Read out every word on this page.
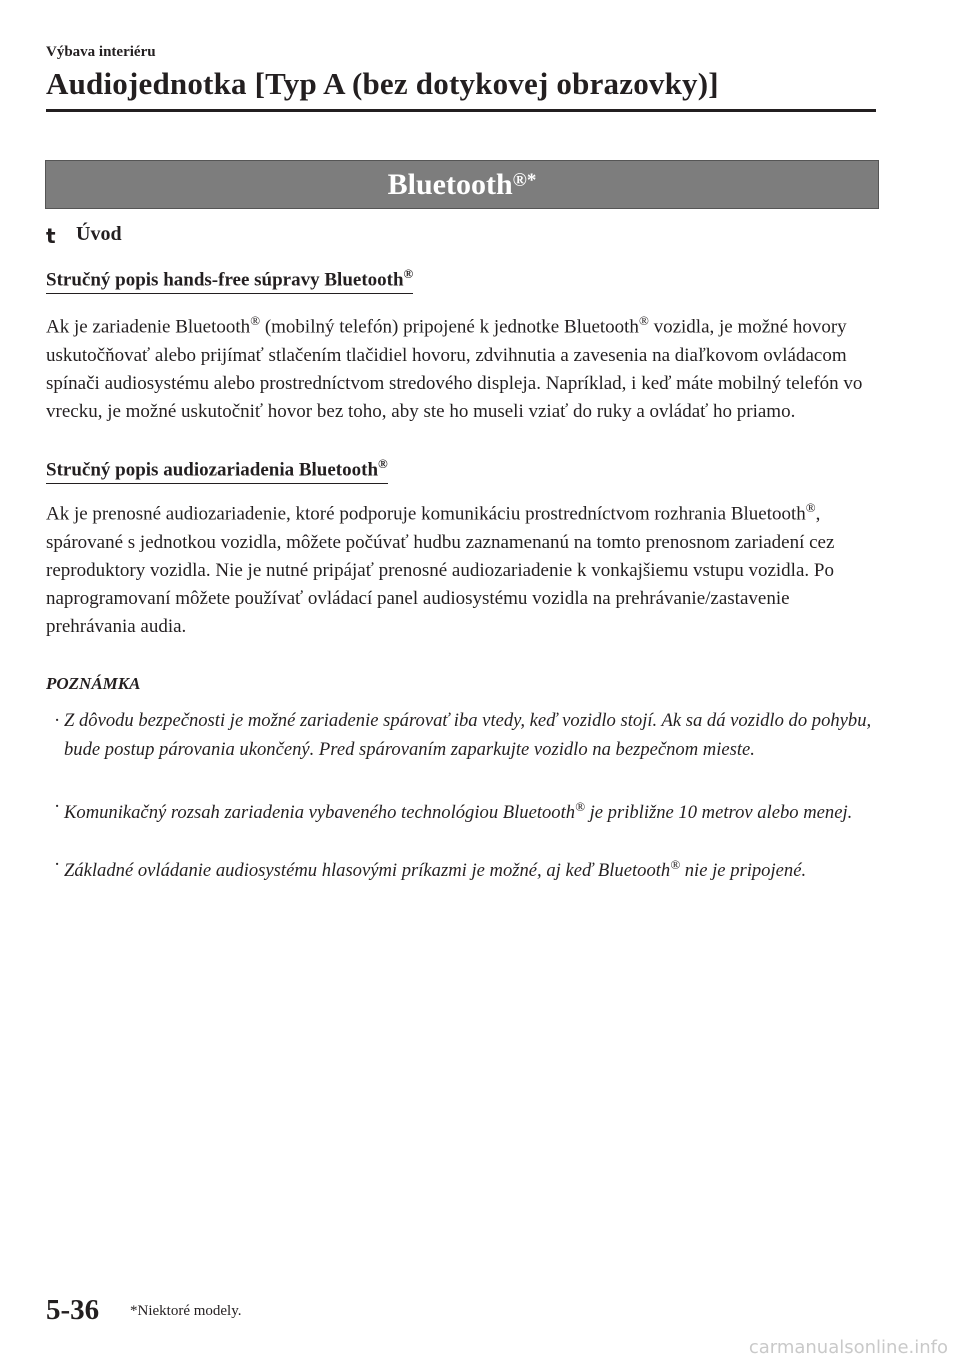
Výbava interiéru
Audiojednotka [Typ A (bez dotykovej obrazovky)]
Bluetooth®*
t Úvod
Stručný popis hands-free súpravy Bluetooth®
Ak je zariadenie Bluetooth® (mobilný telefón) pripojené k jednotke Bluetooth® vozidla, je možné hovory uskutočňovať alebo prijímať stlačením tlačidiel hovoru, zdvihnutia a zavesenia na diaľkovom ovládacom spínači audiosystému alebo prostredníctvom stredového displeja. Napríklad, i keď máte mobilný telefón vo vrecku, je možné uskutočniť hovor bez toho, aby ste ho museli vziať do ruky a ovládať ho priamo.
Stručný popis audiozariadenia Bluetooth®
Ak je prenosné audiozariadenie, ktoré podporuje komunikáciu prostredníctvom rozhrania Bluetooth®, spárované s jednotkou vozidla, môžete počúvať hudbu zaznamenanú na tomto prenosnom zariadení cez reproduktory vozidla. Nie je nutné pripájať prenosné audiozariadenie k vonkajšiemu vstupu vozidla. Po naprogramovaní môžete používať ovládací panel audiosystému vozidla na prehrávanie/zastavenie prehrávania audia.
POZNÁMKA
· Z dôvodu bezpečnosti je možné zariadenie spárovať iba vtedy, keď vozidlo stojí. Ak sa dá vozidlo do pohybu, bude postup párovania ukončený. Pred spárovaním zaparkujte vozidlo na bezpečnom mieste.
· Komunikačný rozsah zariadenia vybaveného technológiou Bluetooth® je približne 10 metrov alebo menej.
· Základné ovládanie audiosystému hlasovými príkazmi je možné, aj keď Bluetooth® nie je pripojené.
5-36 *Niektoré modely.
carmanualsonline.info
